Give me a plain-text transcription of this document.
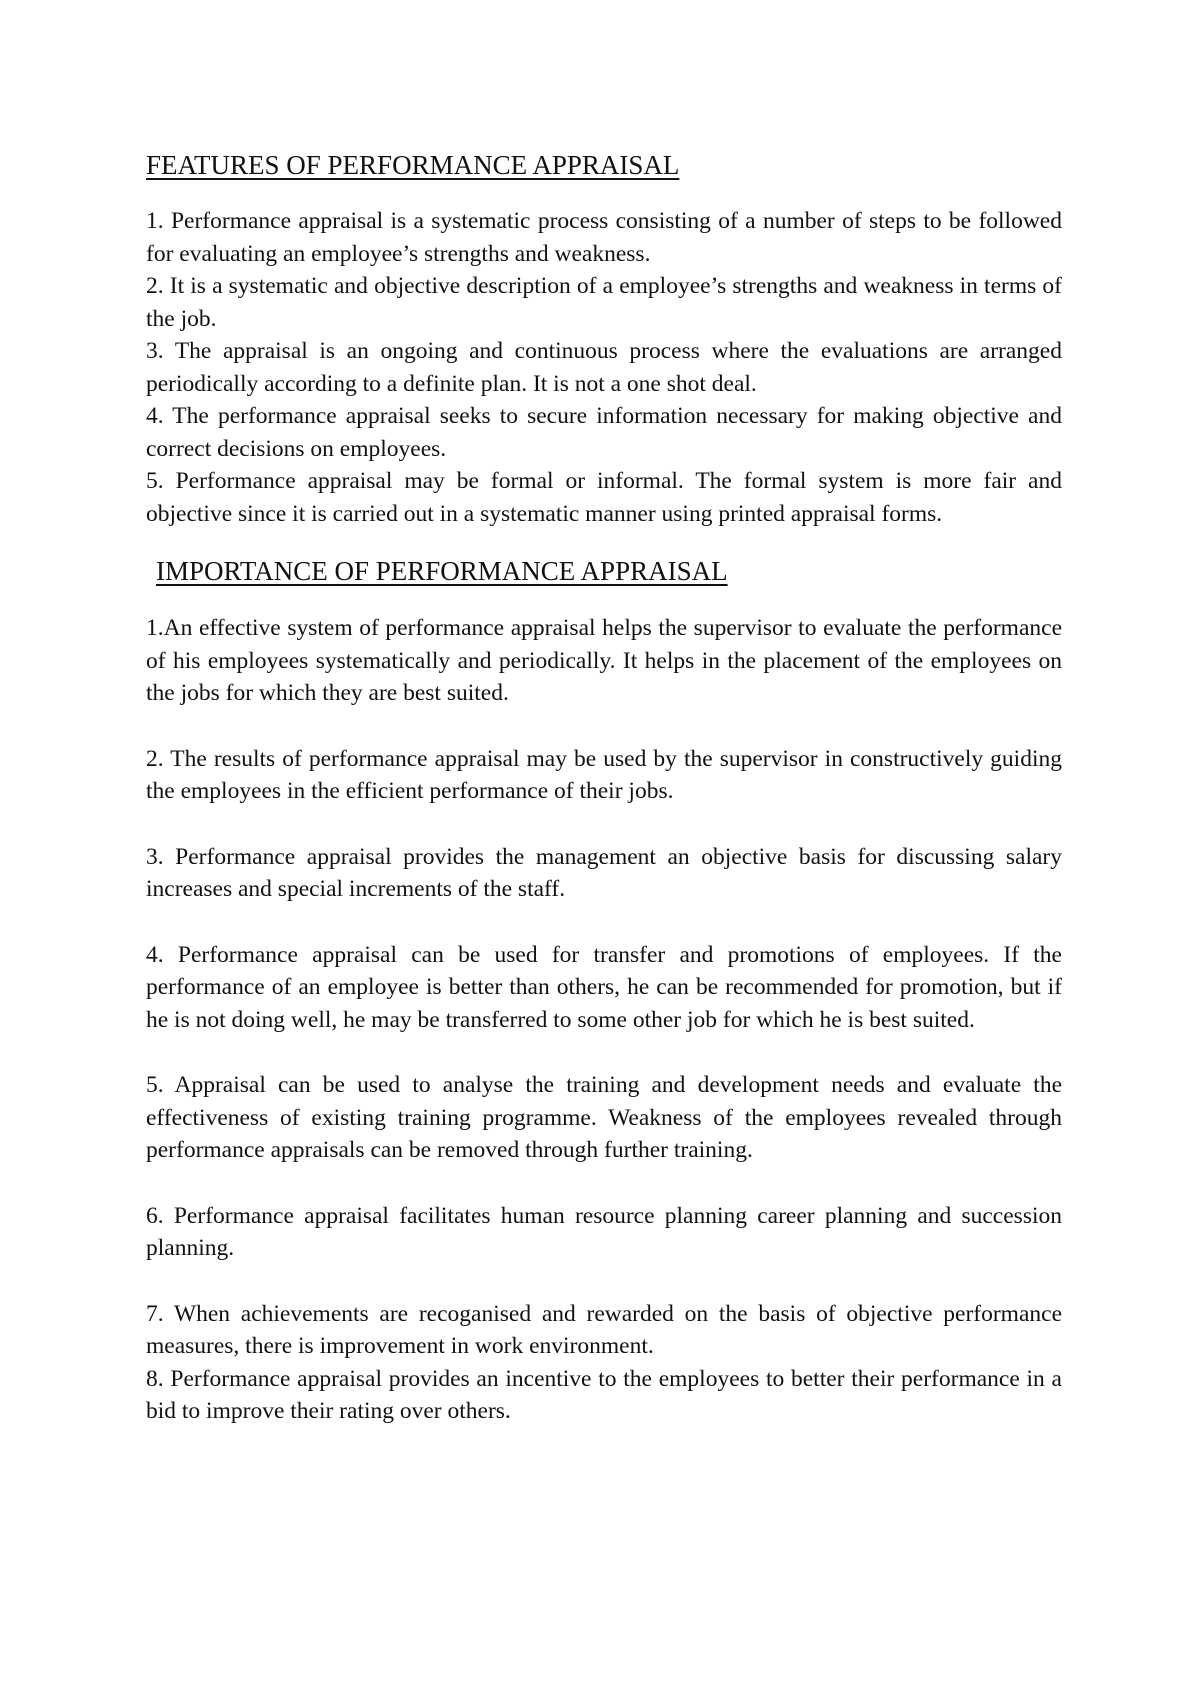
FEATURES OF PERFORMANCE APPRAISAL

1. Performance appraisal is a systematic process consisting of a number of steps to be followed for evaluating an employee’s strengths and weakness.

2. It is a systematic and objective description of a employee’s strengths and weakness in terms of the job.

3. The appraisal is an ongoing and continuous process where the evaluations are arranged periodically according to a definite plan. It is not a one shot deal.

4. The performance appraisal seeks to secure information necessary for making objective and correct decisions on employees.

5. Performance appraisal may be formal or informal. The formal system is more fair and objective since it is carried out in a systematic manner using printed appraisal forms.

IMPORTANCE OF PERFORMANCE APPRAISAL

1.An effective system of performance appraisal helps the supervisor to evaluate the performance of his employees systematically and periodically. It helps in the placement of the employees on the jobs for which they are best suited.

2. The results of performance appraisal may be used by the supervisor in constructively guiding the employees in the efficient performance of their jobs.

3. Performance appraisal provides the management an objective basis for discussing salary increases and special increments of the staff.

4. Performance appraisal can be used for transfer and promotions of employees. If the performance of an employee is better than others, he can be recommended for promotion, but if he is not doing well, he may be transferred to some other job for which he is best suited.

5. Appraisal can be used to analyse the training and development needs and evaluate the effectiveness of existing training programme. Weakness of the employees revealed through performance appraisals can be removed through further training.

6. Performance appraisal facilitates human resource planning career planning and succession planning.

7. When achievements are recoganised and rewarded on the basis of objective performance measures, there is improvement in work environment.

8. Performance appraisal provides an incentive to the employees to better their performance in a bid to improve their rating over others.
